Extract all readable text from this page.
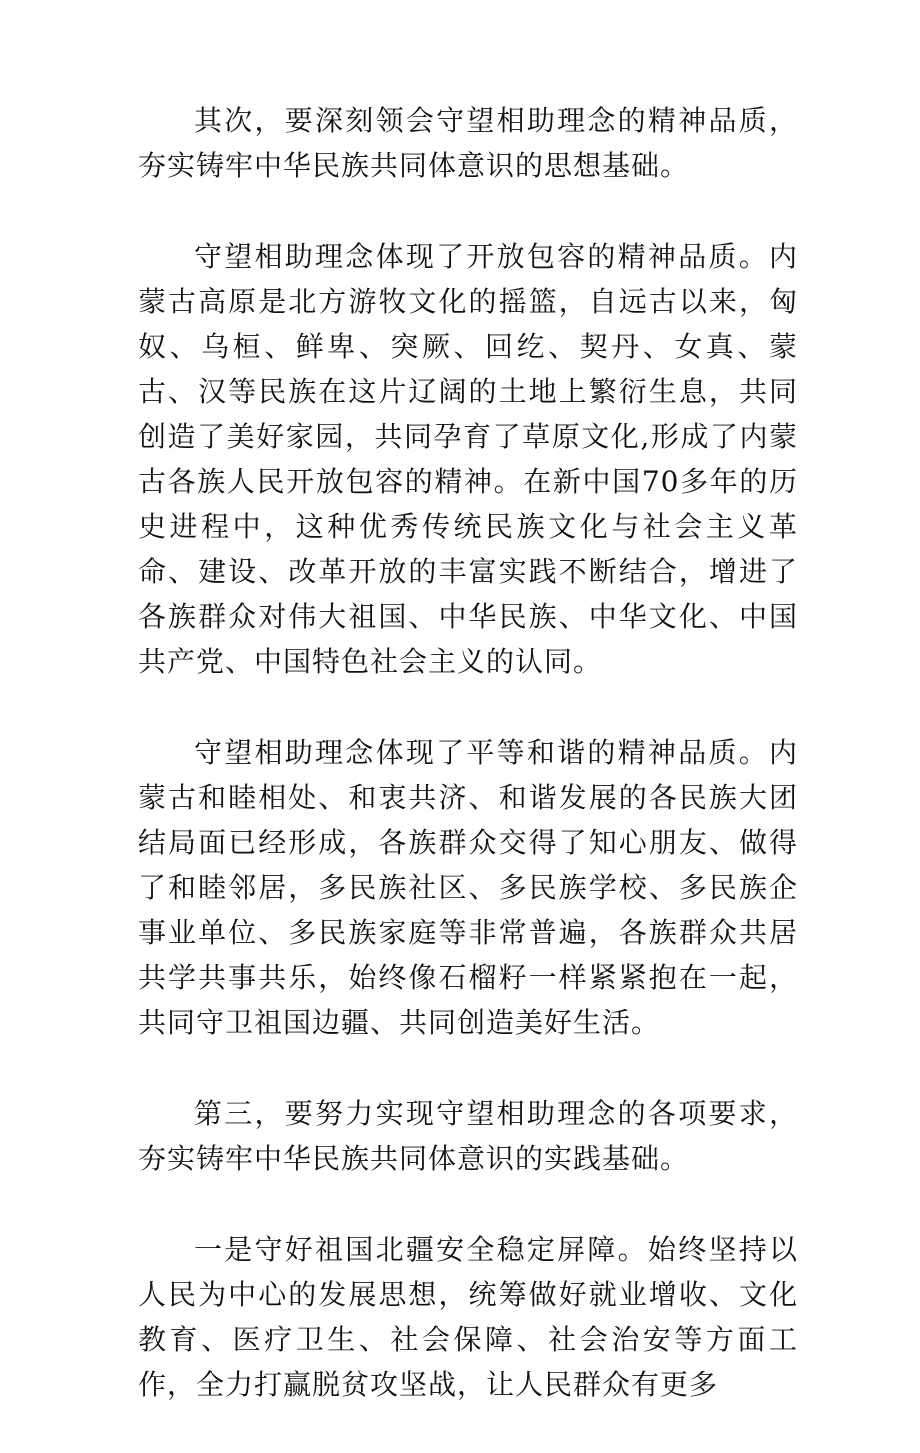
其次，要深刻领会守望相助理念的精神品质，夯实铸牢中华民族共同体意识的思想基础。

守望相助理念体现了开放包容的精神品质。内蒙古高原是北方游牧文化的摇篮，自远古以来，匈奴、乌桓、鲜卑、突厥、回纥、契丹、女真、蒙古、汉等民族在这片辽阔的土地上繁衍生息，共同创造了美好家园，共同孕育了草原文化,形成了内蒙古各族人民开放包容的精神。在新中国70多年的历史进程中，这种优秀传统民族文化与社会主义革命、建设、改革开放的丰富实践不断结合，增进了各族群众对伟大祖国、中华民族、中华文化、中国共产党、中国特色社会主义的认同。

守望相助理念体现了平等和谐的精神品质。内蒙古和睦相处、和衷共济、和谐发展的各民族大团结局面已经形成，各族群众交得了知心朋友、做得了和睦邻居，多民族社区、多民族学校、多民族企事业单位、多民族家庭等非常普遍，各族群众共居共学共事共乐，始终像石榴籽一样紧紧抱在一起，共同守卫祖国边疆、共同创造美好生活。

第三，要努力实现守望相助理念的各项要求，夯实铸牢中华民族共同体意识的实践基础。

一是守好祖国北疆安全稳定屏障。始终坚持以人民为中心的发展思想，统筹做好就业增收、文化教育、医疗卫生、社会保障、社会治安等方面工作，全力打赢脱贫攻坚战，让人民群众有更多
